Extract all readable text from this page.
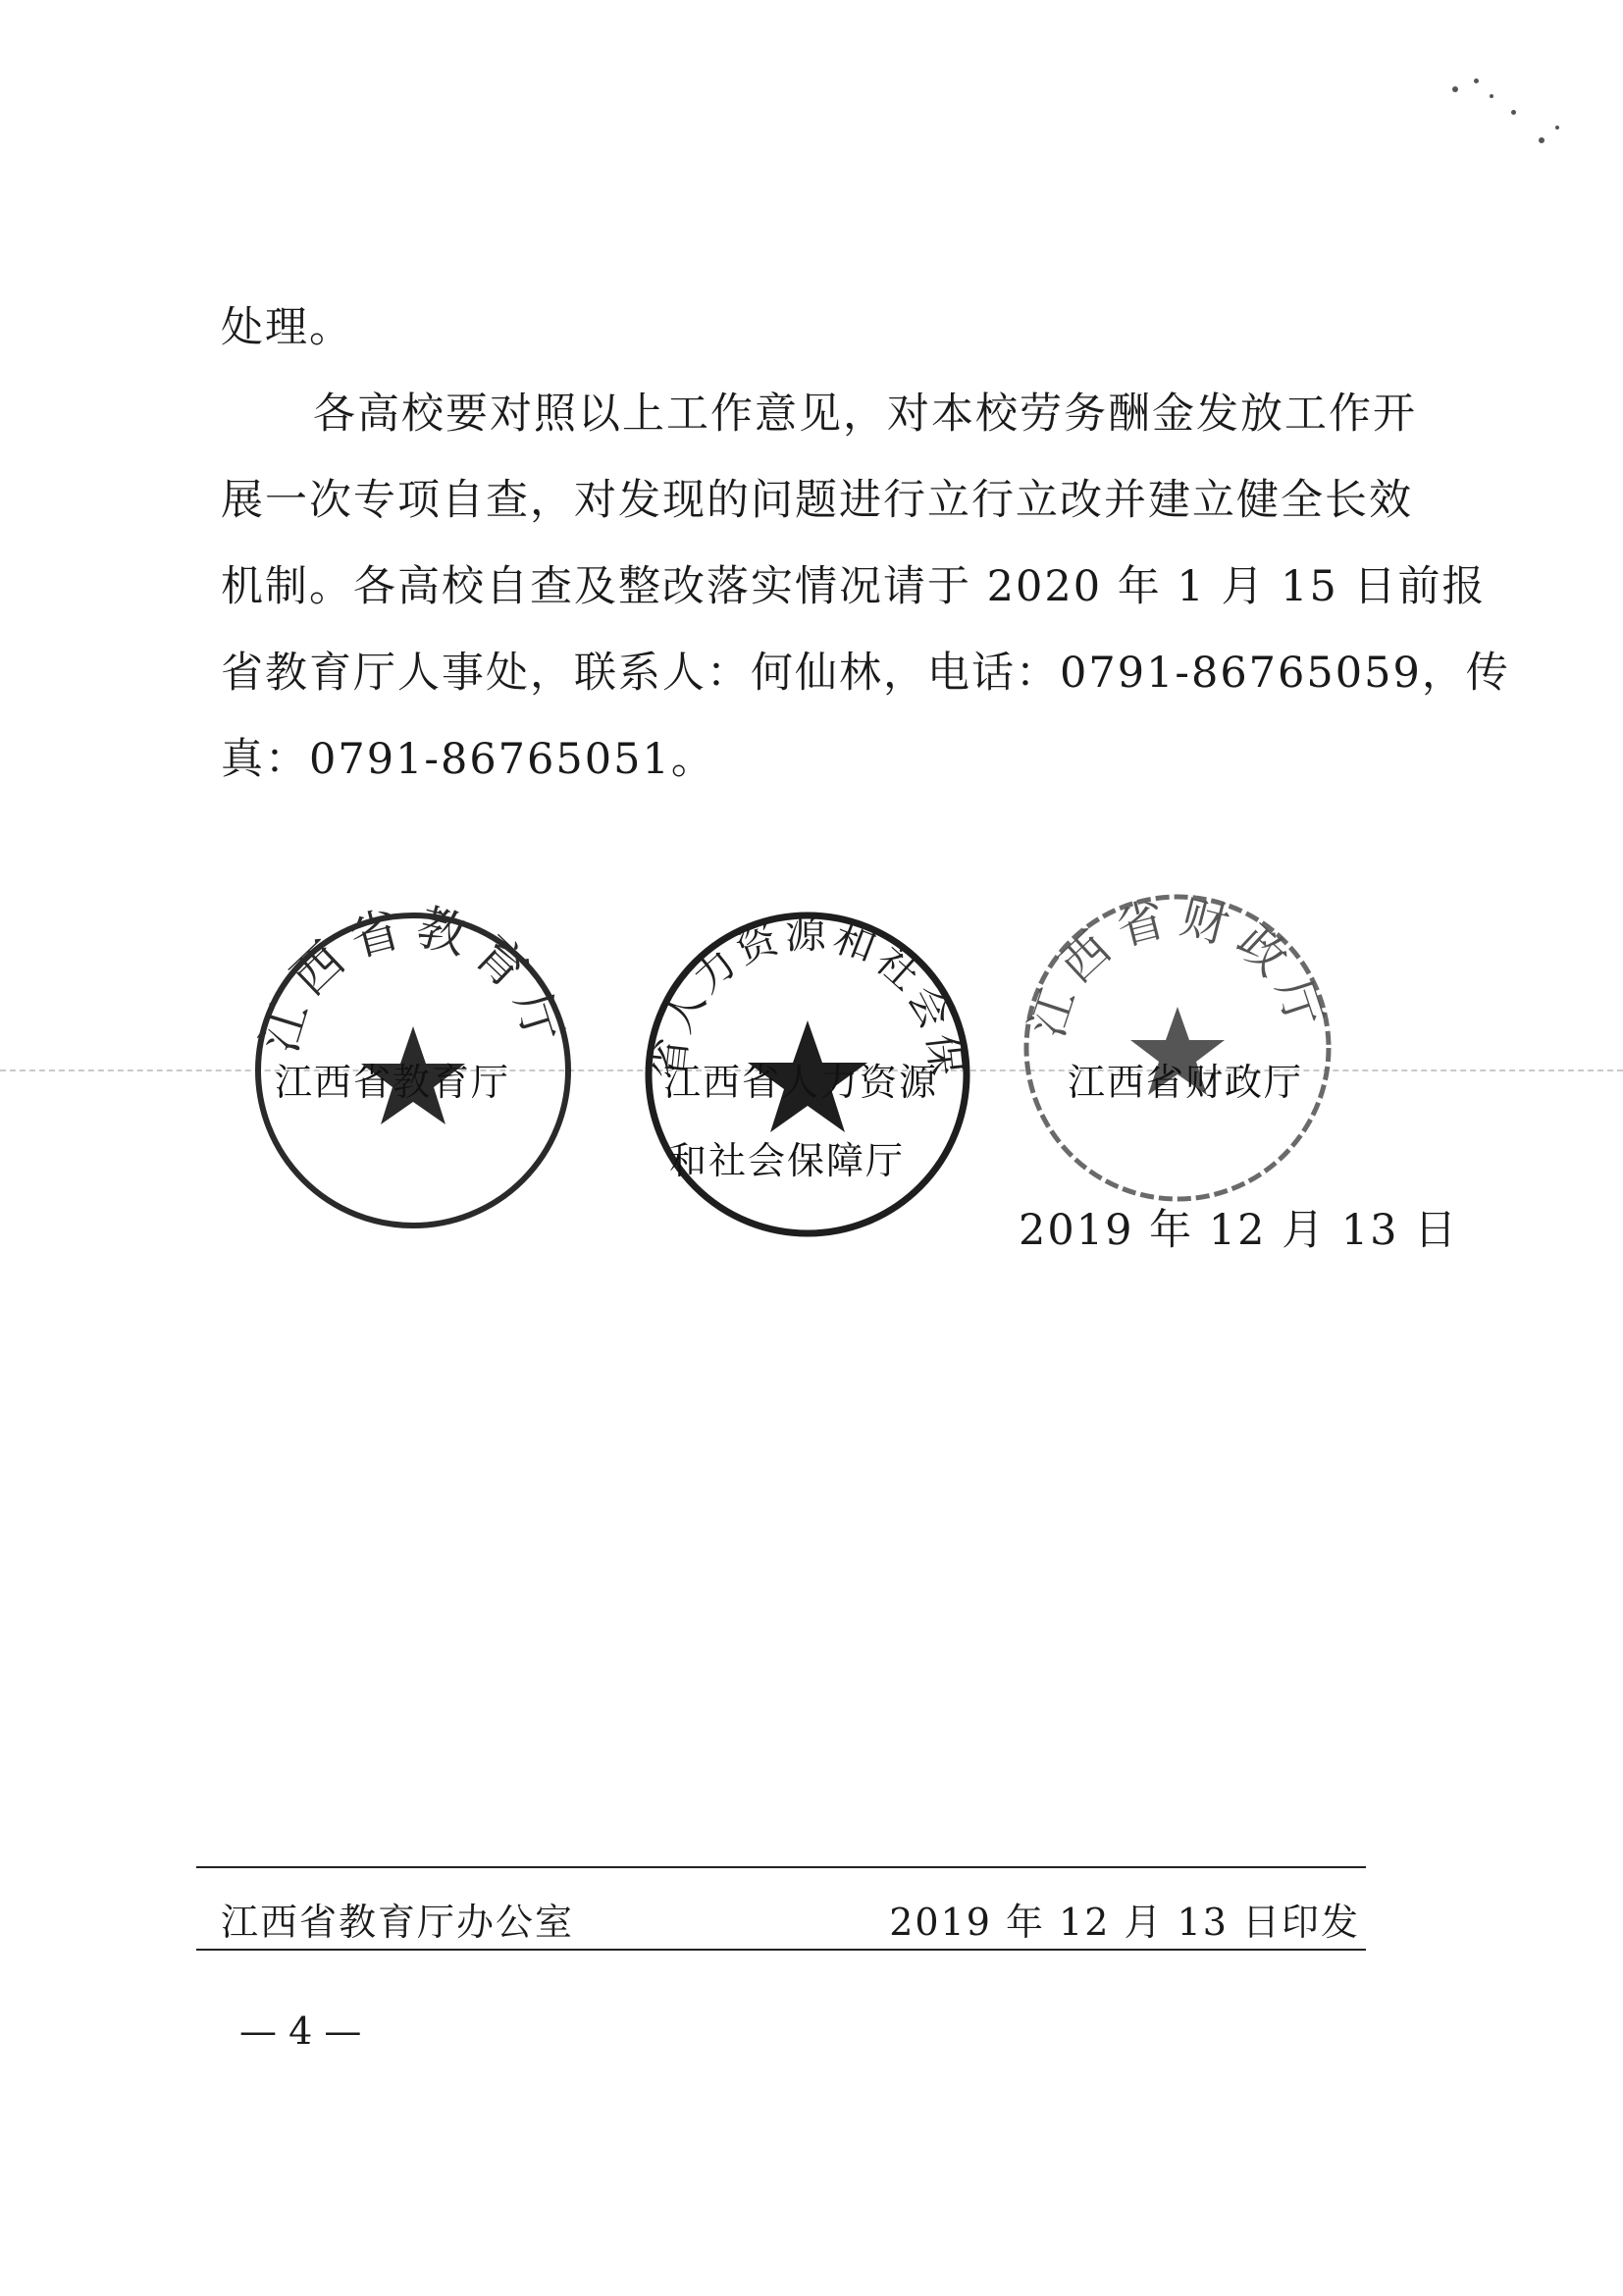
处理。
各高校要对照以上工作意见，对本校劳务酬金发放工作开
展一次专项自查，对发现的问题进行立行立改并建立健全长效
机制。各高校自查及整改落实情况请于 2020 年 1 月 15 日前报
省教育厅人事处，联系人：何仙林，电话：0791-86765059，传
真：0791-86765051。
江西省教育厅
江西省教育厅
江西省人力资源和社会保障厅
江西省人力资源
和社会保障厅
江西省财政厅
江西省财政厅
2019 年 12 月 13 日
江西省教育厅办公室	2019 年 12 月 13 日印发
— 4 —
